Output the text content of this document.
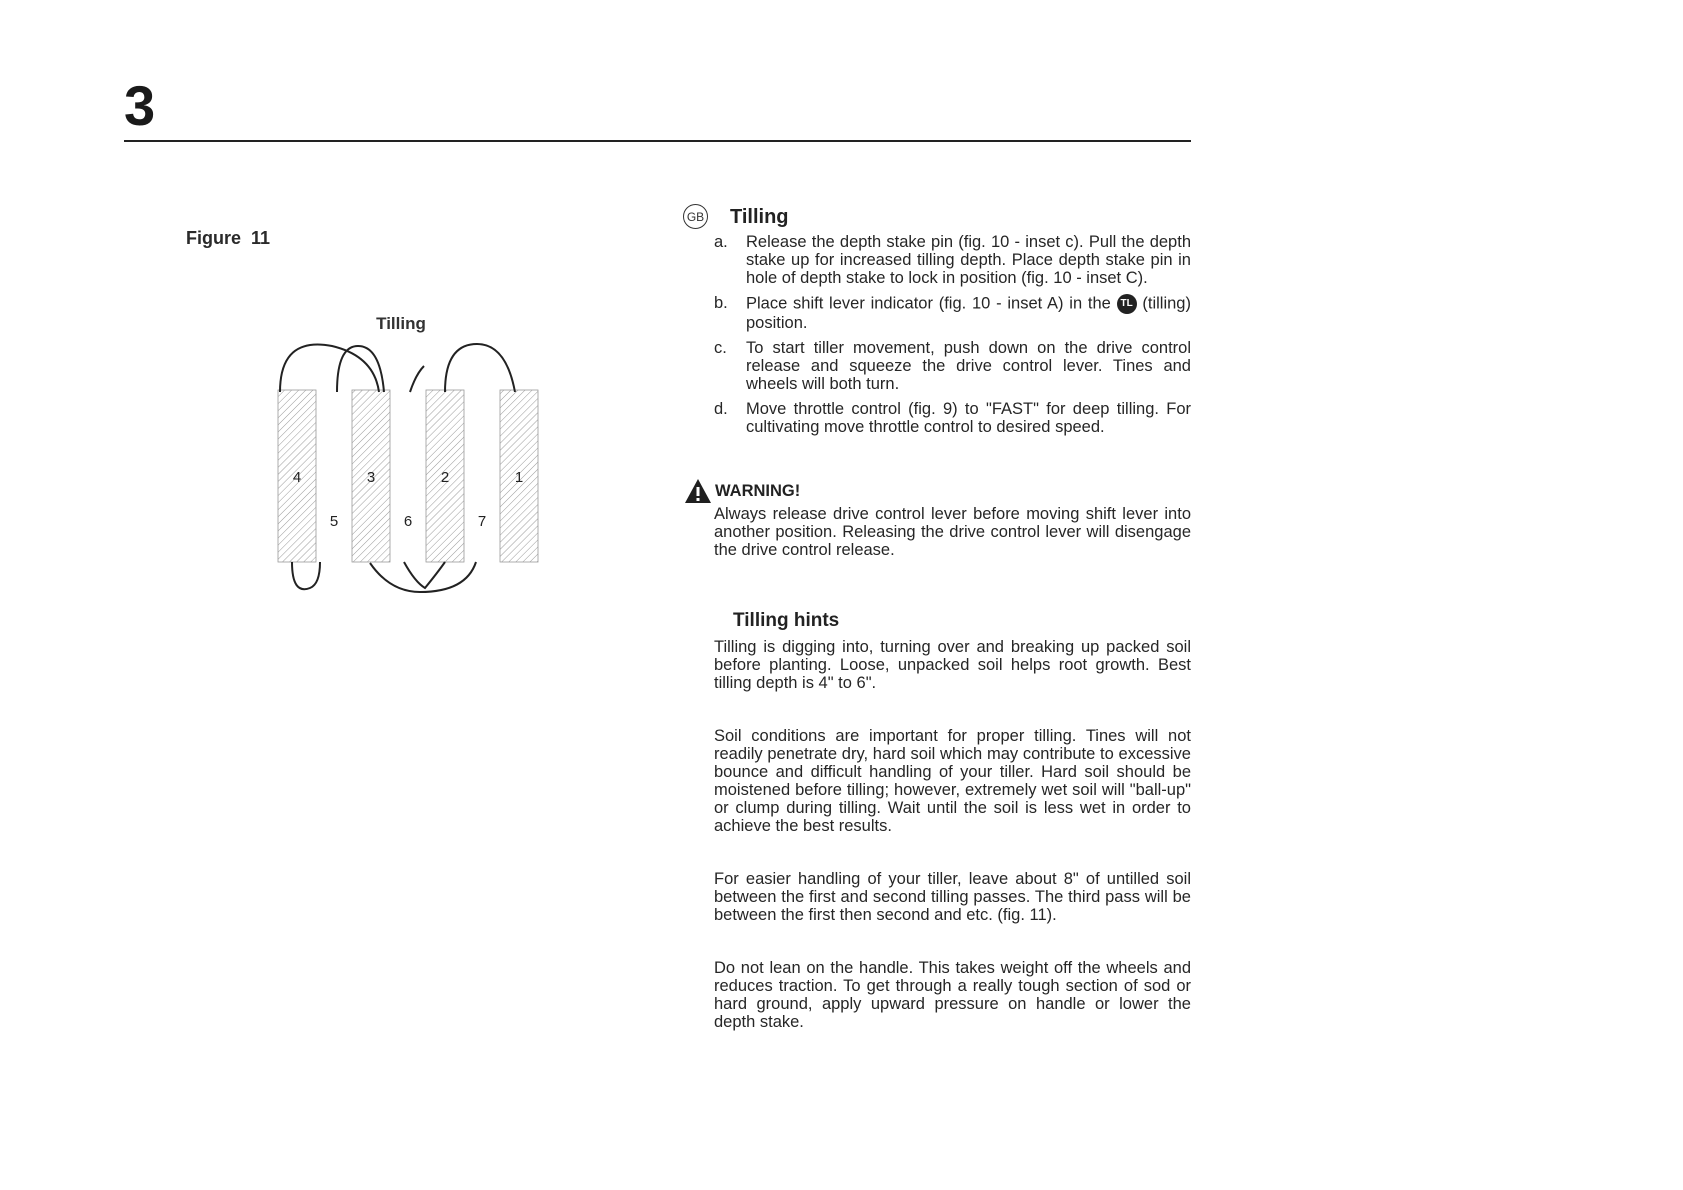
3
Figure 11
Tilling
4	3	2	1
5	6	7
GB Tilling
a.	Release the depth stake pin (fig. 10 - inset c). Pull the depth stake up for increased tilling depth. Place depth stake pin in hole of depth stake to lock in position (fig. 10 - inset C).
b.	Place shift lever indicator (fig. 10 - inset A) in the TL (tilling) position.
c.	To start tiller movement, push down on the drive control release and squeeze the drive control lever. Tines and wheels will both turn.
d.	Move throttle control (fig. 9) to "FAST" for deep tilling. For cultivating move throttle control to desired speed.
WARNING!
Always release drive control lever before moving shift lever into another position. Releasing the drive control lever will disengage the drive control release.
Tilling hints
Tilling is digging into, turning over and breaking up packed soil before planting. Loose, unpacked soil helps root growth. Best tilling depth is 4" to 6".
Soil conditions are important for proper tilling. Tines will not readily penetrate dry, hard soil which may contribute to excessive bounce and difficult handling of your tiller. Hard soil should be moistened before tilling; however, extremely wet soil will "ball-up" or clump during tilling. Wait until the soil is less wet in order to achieve the best results.
For easier handling of your tiller, leave about 8" of untilled soil between the first and second tilling passes. The third pass will be between the first then second and etc. (fig. 11).
Do not lean on the handle. This takes weight off the wheels and reduces traction. To get through a really tough section of sod or hard ground, apply upward pressure on handle or lower the depth stake.
